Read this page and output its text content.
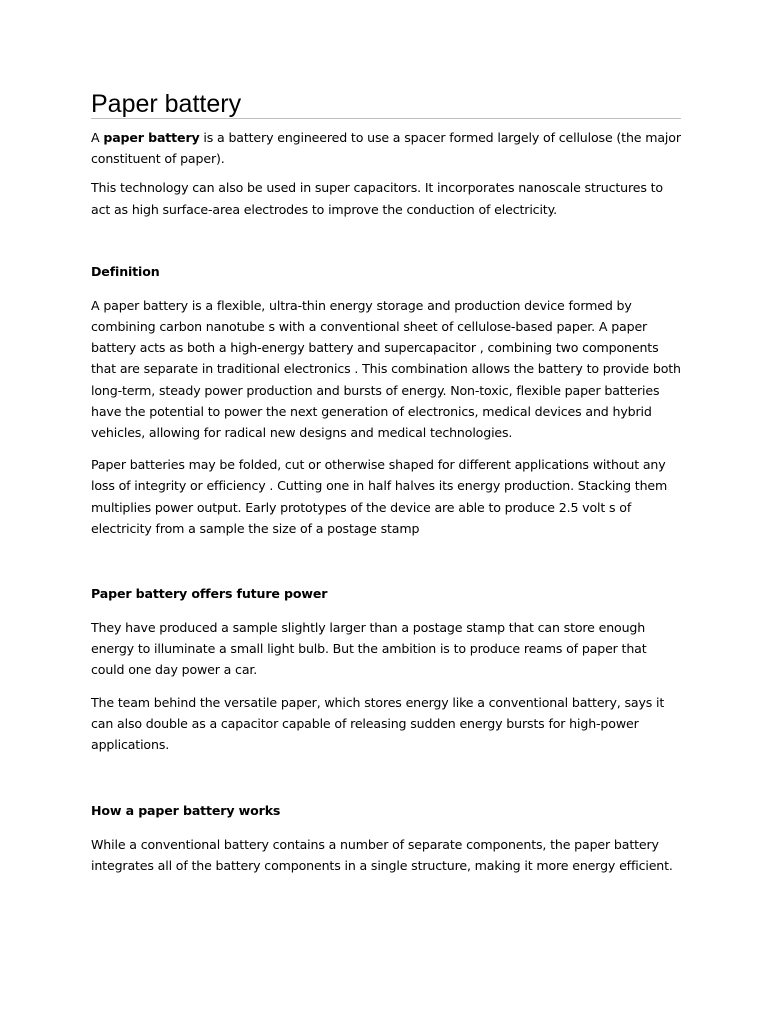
Paper battery

A paper battery is a battery engineered to use a spacer formed largely of cellulose (the major constituent of paper).

This technology can also be used in super capacitors. It incorporates nanoscale structures to act as high surface-area electrodes to improve the conduction of electricity.

Definition

A paper battery is a flexible, ultra-thin energy storage and production device formed by combining carbon nanotube s with a conventional sheet of cellulose-based paper. A paper battery acts as both a high-energy battery and supercapacitor , combining two components that are separate in traditional electronics . This combination allows the battery to provide both long-term, steady power production and bursts of energy. Non-toxic, flexible paper batteries have the potential to power the next generation of electronics, medical devices and hybrid vehicles, allowing for radical new designs and medical technologies.

Paper batteries may be folded, cut or otherwise shaped for different applications without any loss of integrity or efficiency . Cutting one in half halves its energy production. Stacking them multiplies power output. Early prototypes of the device are able to produce 2.5 volt s of electricity from a sample the size of a postage stamp

Paper battery offers future power

They have produced a sample slightly larger than a postage stamp that can store enough energy to illuminate a small light bulb. But the ambition is to produce reams of paper that could one day power a car.

The team behind the versatile paper, which stores energy like a conventional battery, says it can also double as a capacitor capable of releasing sudden energy bursts for high-power applications.

How a paper battery works

While a conventional battery contains a number of separate components, the paper battery integrates all of the battery components in a single structure, making it more energy efficient.
